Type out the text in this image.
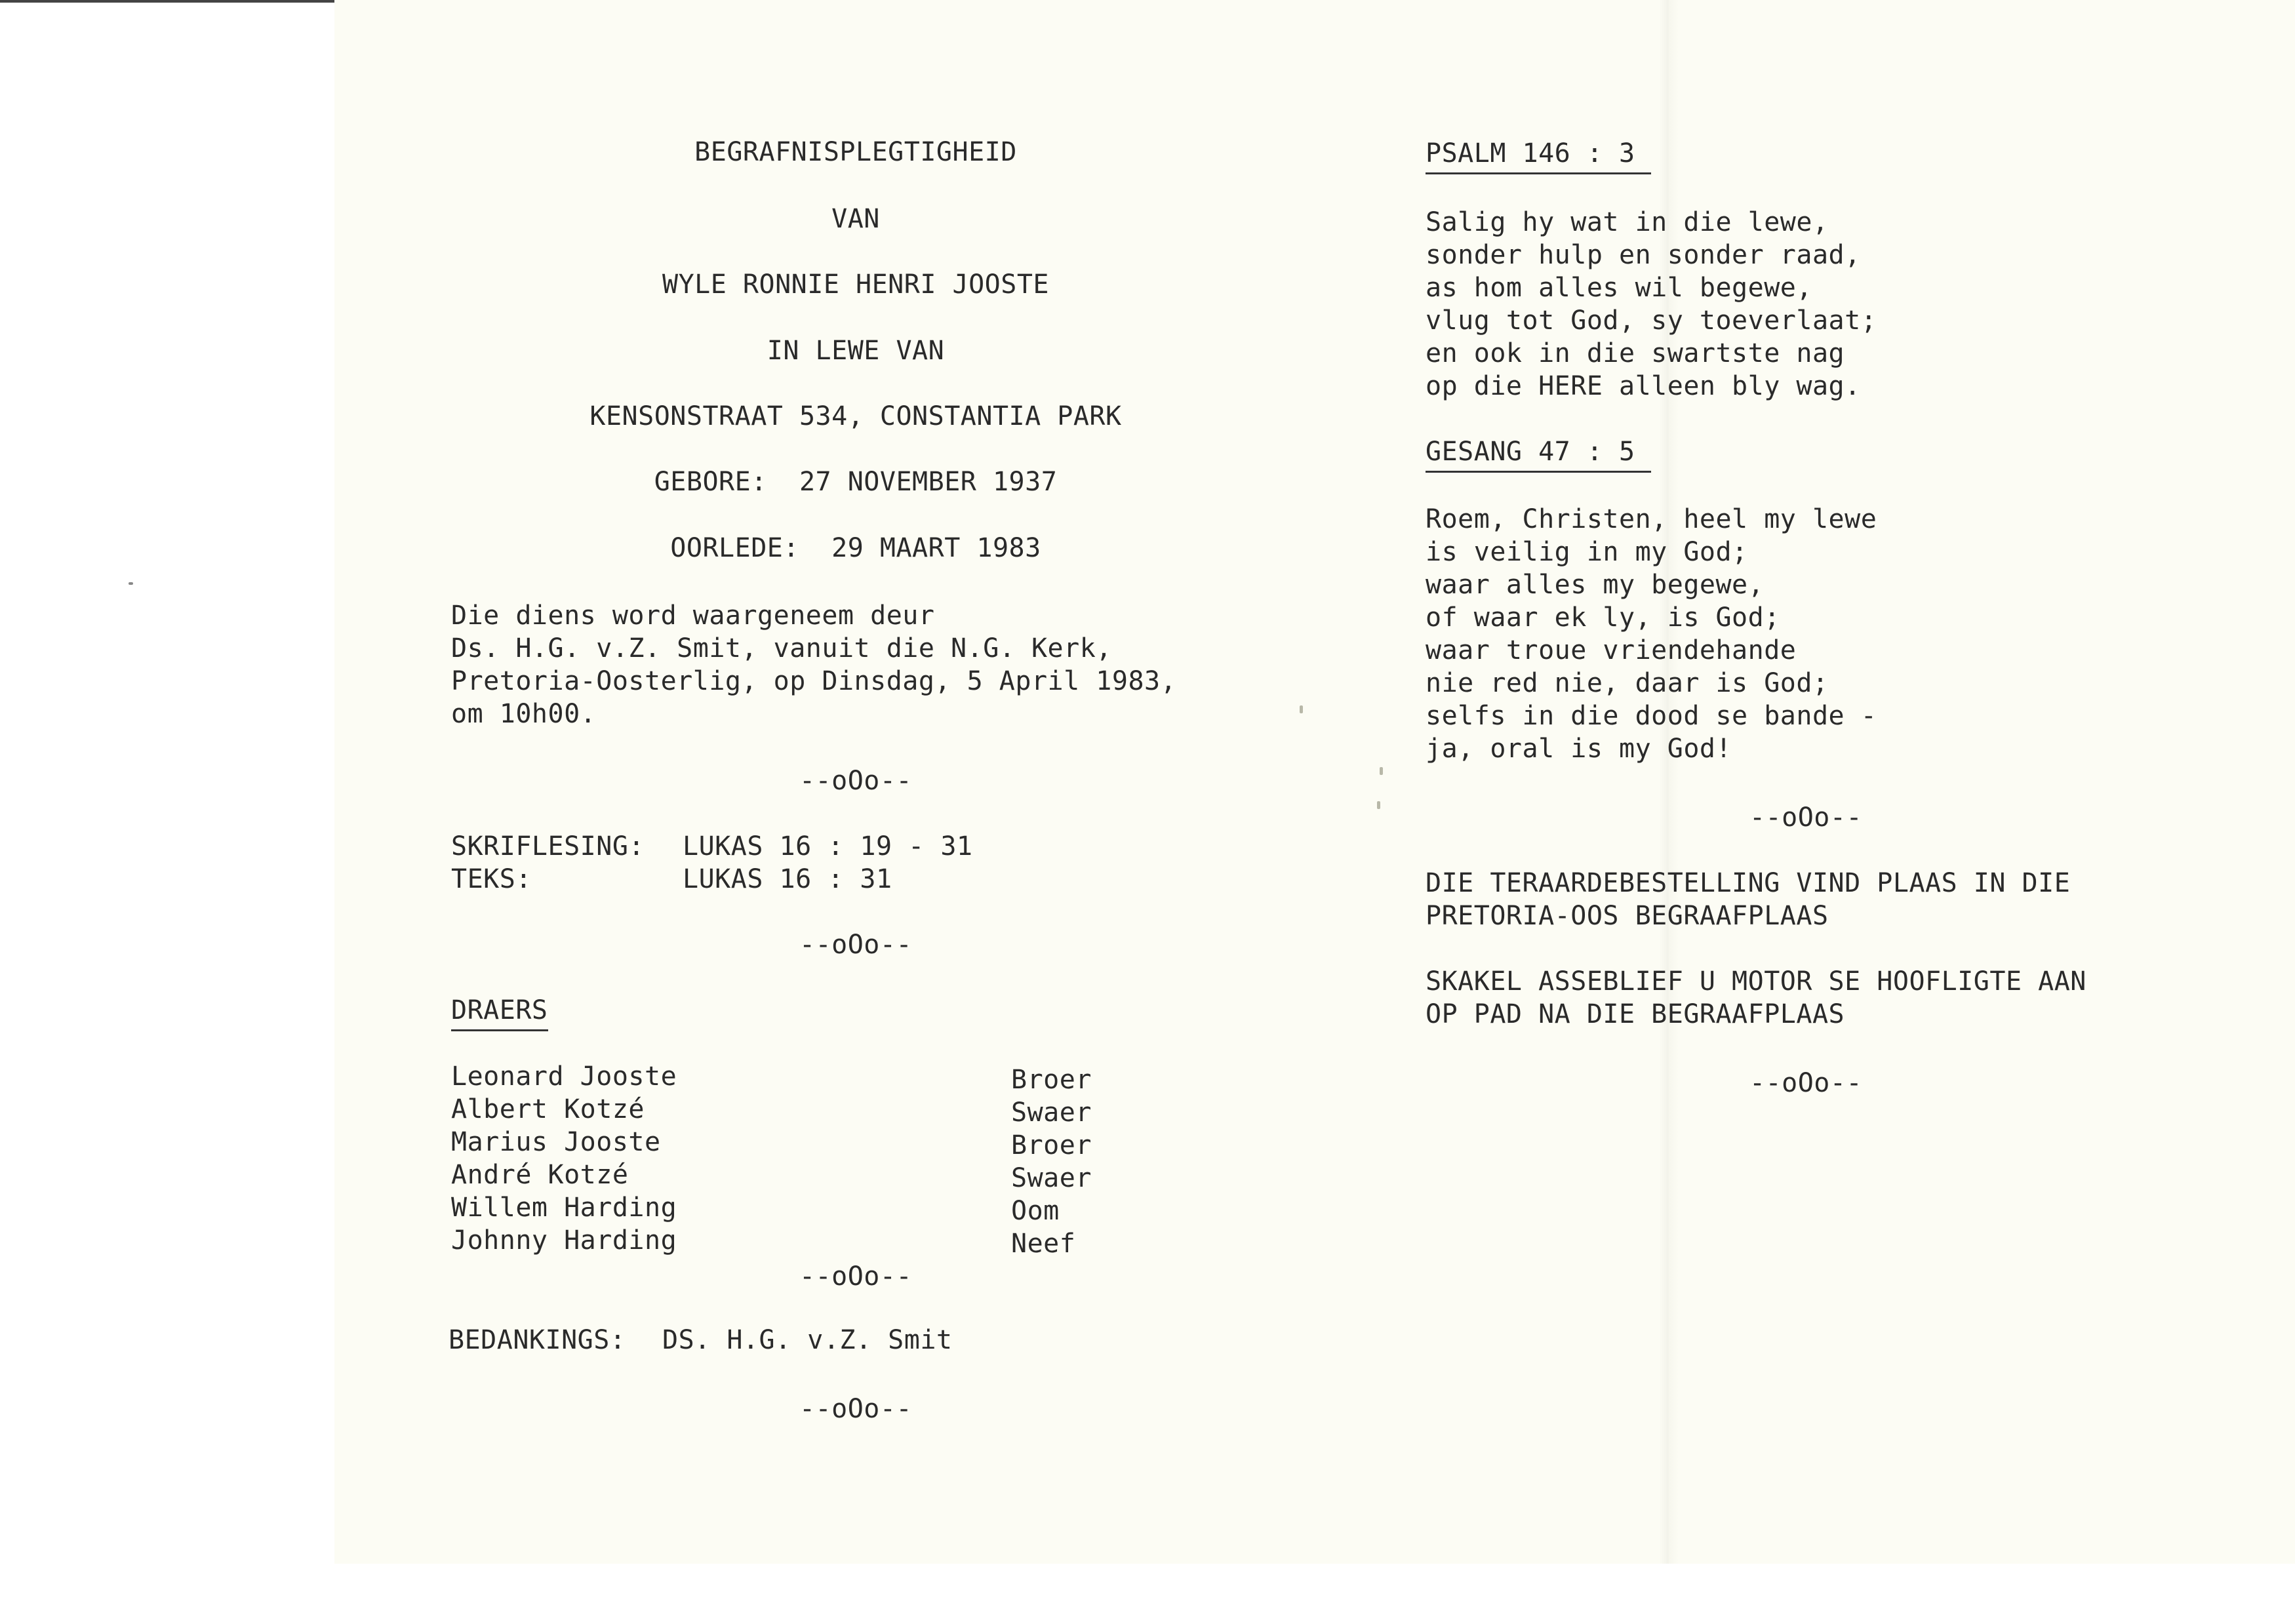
BEGRAFNISPLEGTIGHEID
VAN
WYLE RONNIE HENRI JOOSTE
IN LEWE VAN
KENSONSTRAAT 534, CONSTANTIA PARK
GEBORE:  27 NOVEMBER 1937
OORLEDE:  29 MAART 1983
Die diens word waargeneem deur
Ds. H.G. v.Z. Smit, vanuit die N.G. Kerk,
Pretoria-Oosterlig, op Dinsdag, 5 April 1983,
om 10h00.
--oOo--
SKRIFLESING: LUKAS 16 : 19 - 31
TEKS:	LUKAS 16 : 31
--oOo--
DRAERS
Leonard Jooste	Broer
Albert Kotzé	Swaer
Marius Jooste	Broer
André Kotzé	Swaer
Willem Harding	Oom
Johnny Harding	Neef
--oOo--
BEDANKINGS: DS. H.G. v.Z. Smit
--oOo--
PSALM 146 : 3
Salig hy wat in die lewe,
sonder hulp en sonder raad,
as hom alles wil begewe,
vlug tot God, sy toeverlaat;
en ook in die swartste nag
op die HERE alleen bly wag.
GESANG 47 : 5
Roem, Christen, heel my lewe
is veilig in my God;
waar alles my begewe,
of waar ek ly, is God;
waar troue vriendehande
nie red nie, daar is God;
selfs in die dood se bande -
ja, oral is my God!
--oOo--
DIE TERAARDEBESTELLING VIND PLAAS IN DIE
PRETORIA-OOS BEGRAAFPLAAS
SKAKEL ASSEBLIEF U MOTOR SE HOOFLIGTE AAN
OP PAD NA DIE BEGRAAFPLAAS
--oOo--
